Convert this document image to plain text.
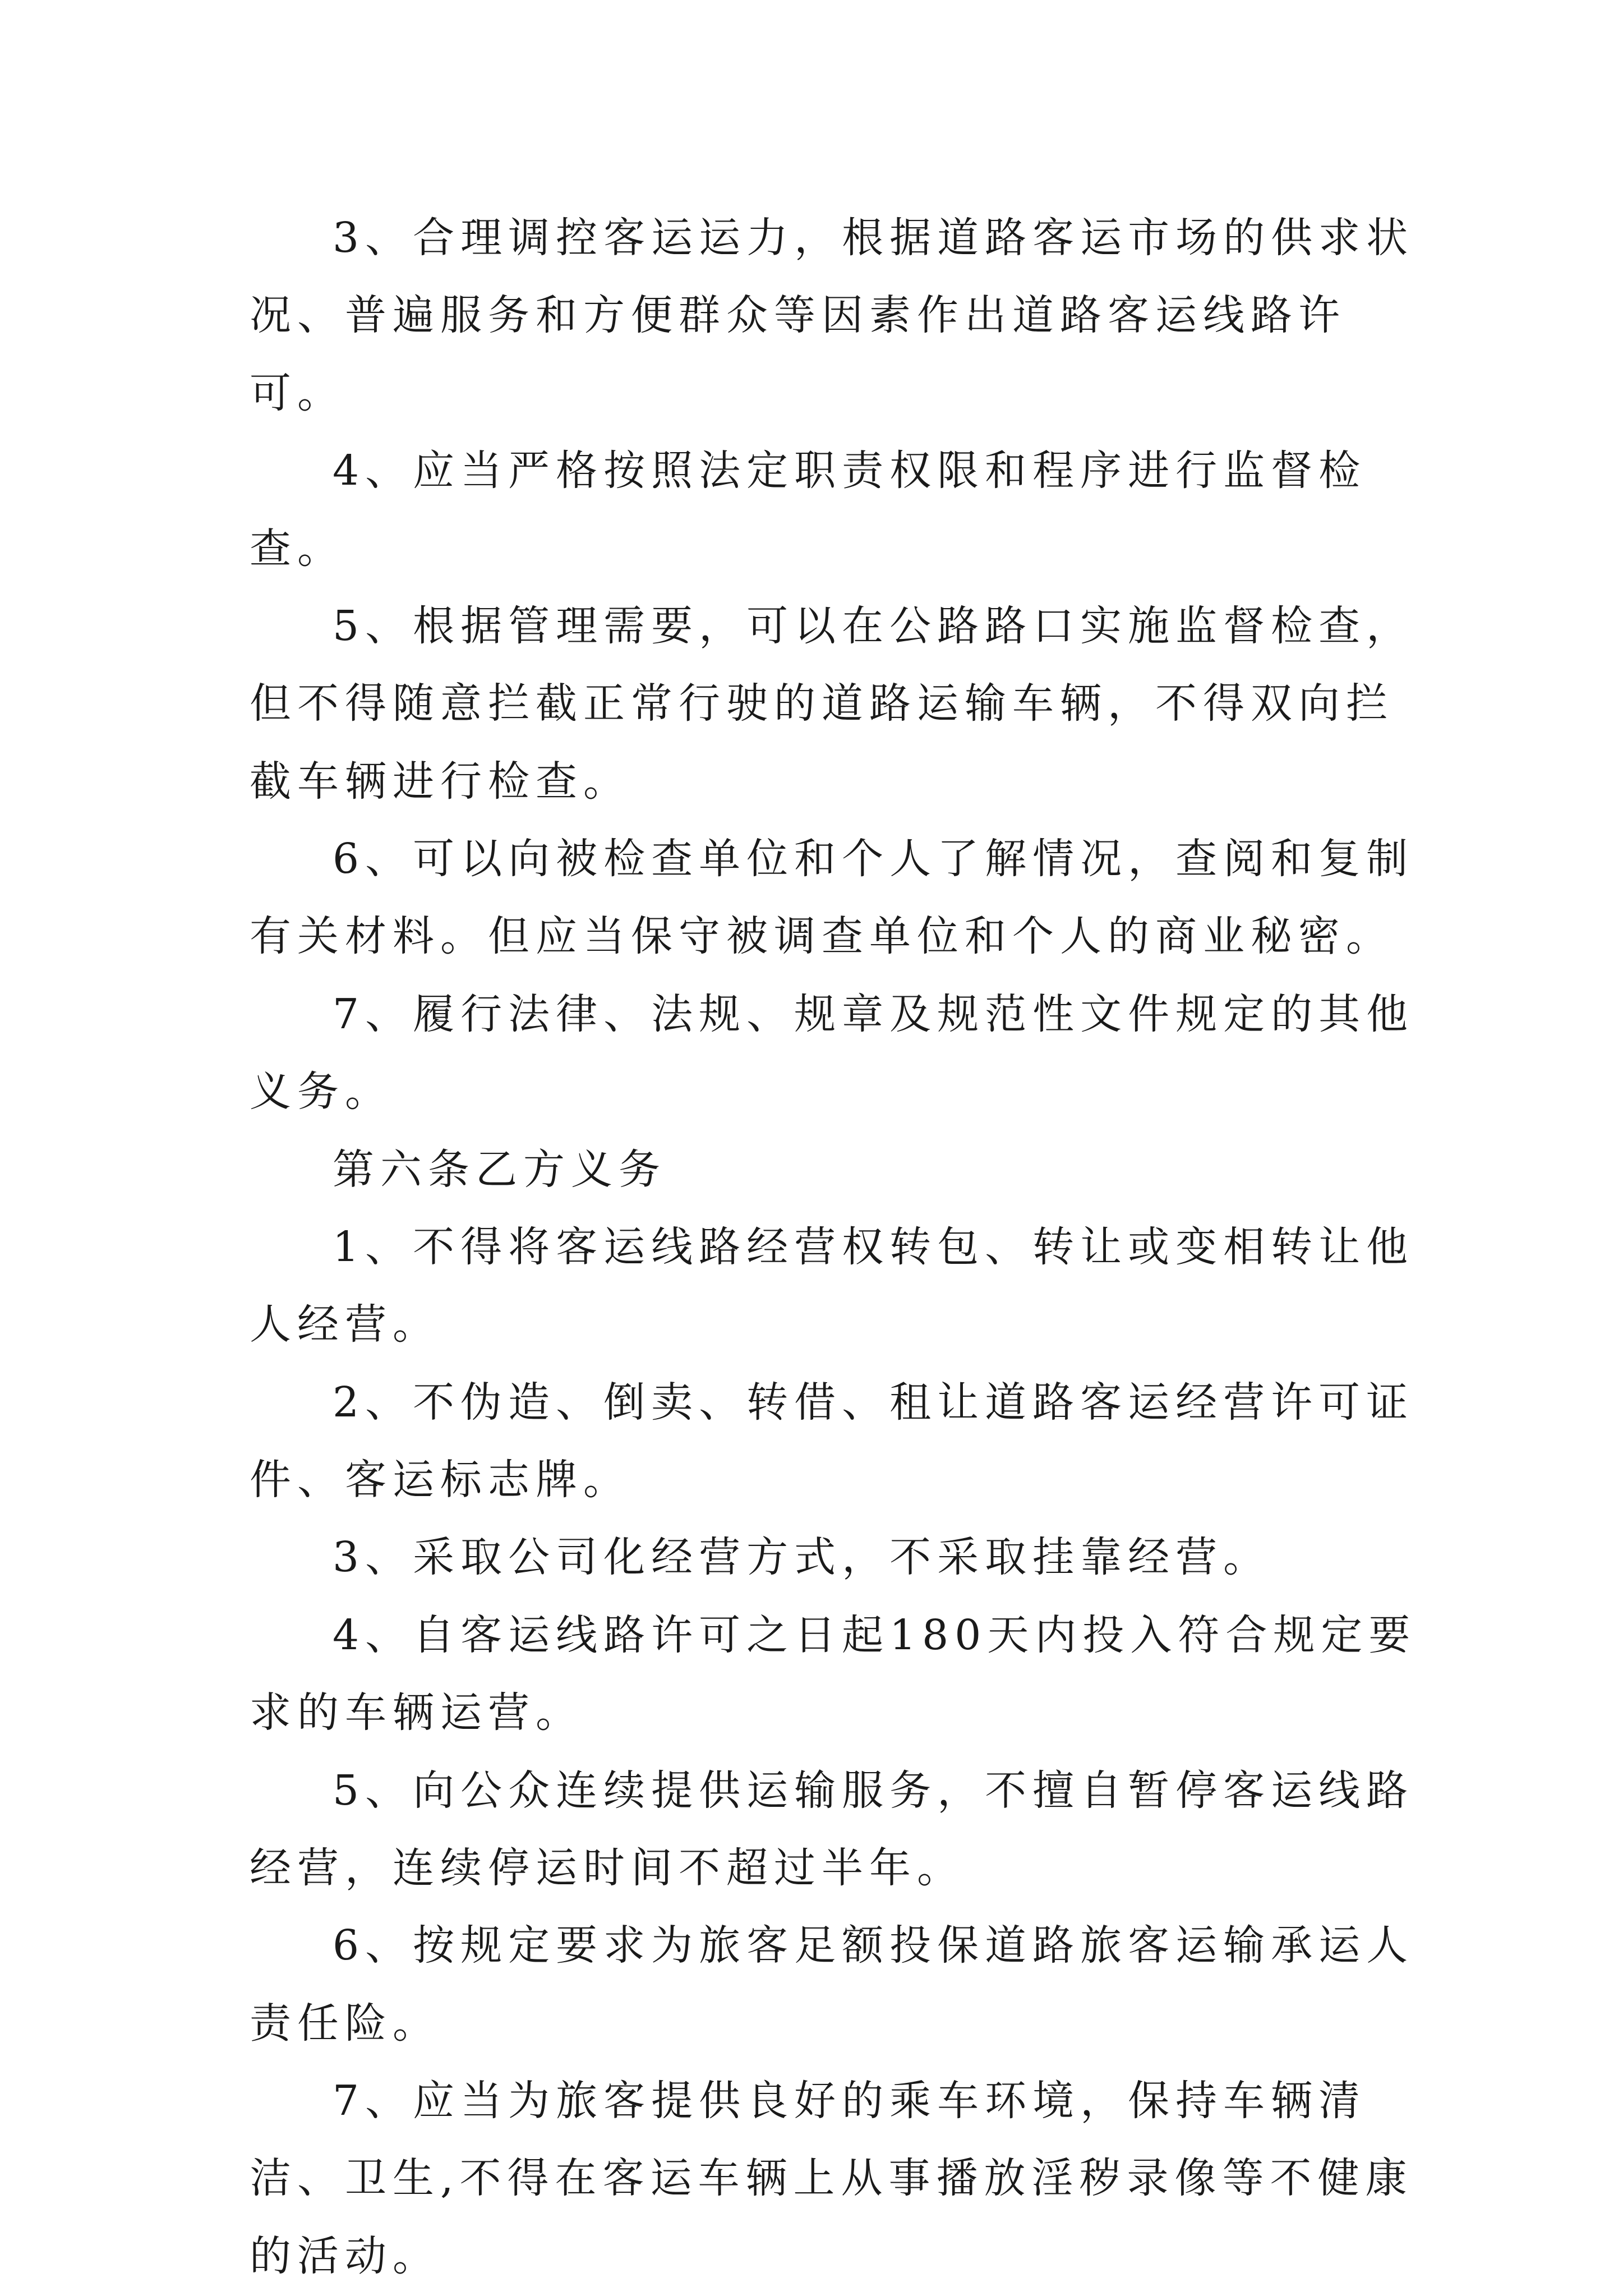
3、合理调控客运运力，根据道路客运市场的供求状况、普遍服务和方便群众等因素作出道路客运线路许可。

4、应当严格按照法定职责权限和程序进行监督检查。

5、根据管理需要，可以在公路路口实施监督检查，但不得随意拦截正常行驶的道路运输车辆，不得双向拦截车辆进行检查。

6、可以向被检查单位和个人了解情况，查阅和复制有关材料。但应当保守被调查单位和个人的商业秘密。

7、履行法律、法规、规章及规范性文件规定的其他义务。

第六条乙方义务

1、不得将客运线路经营权转包、转让或变相转让他人经营。

2、不伪造、倒卖、转借、租让道路客运经营许可证件、客运标志牌。

3、采取公司化经营方式，不采取挂靠经营。

4、自客运线路许可之日起180天内投入符合规定要求的车辆运营。

5、向公众连续提供运输服务，不擅自暂停客运线路经营，连续停运时间不超过半年。

6、按规定要求为旅客足额投保道路旅客运输承运人责任险。

7、应当为旅客提供良好的乘车环境，保持车辆清洁、卫生,不得在客运车辆上从事播放淫秽录像等不健康的活动。
